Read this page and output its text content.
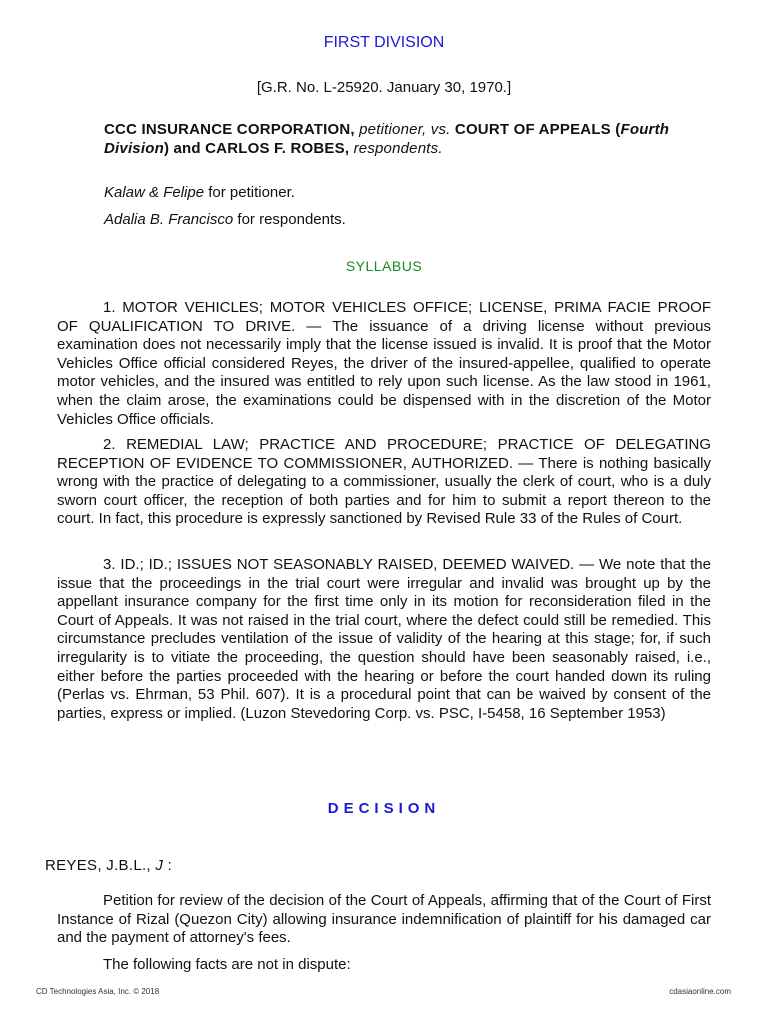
FIRST DIVISION
[G.R. No. L-25920. January 30, 1970.]
CCC INSURANCE CORPORATION, petitioner, vs. COURT OF APPEALS (Fourth Division) and CARLOS F. ROBES, respondents.
Kalaw & Felipe for petitioner.
Adalia B. Francisco for respondents.
SYLLABUS
1. MOTOR VEHICLES; MOTOR VEHICLES OFFICE; LICENSE, PRIMA FACIE PROOF OF QUALIFICATION TO DRIVE. — The issuance of a driving license without previous examination does not necessarily imply that the license issued is invalid. It is proof that the Motor Vehicles Office official considered Reyes, the driver of the insured-appellee, qualified to operate motor vehicles, and the insured was entitled to rely upon such license. As the law stood in 1961, when the claim arose, the examinations could be dispensed with in the discretion of the Motor Vehicles Office officials.
2. REMEDIAL LAW; PRACTICE AND PROCEDURE; PRACTICE OF DELEGATING RECEPTION OF EVIDENCE TO COMMISSIONER, AUTHORIZED. — There is nothing basically wrong with the practice of delegating to a commissioner, usually the clerk of court, who is a duly sworn court officer, the reception of both parties and for him to submit a report thereon to the court. In fact, this procedure is expressly sanctioned by Revised Rule 33 of the Rules of Court.
3. ID.; ID.; ISSUES NOT SEASONABLY RAISED, DEEMED WAIVED. — We note that the issue that the proceedings in the trial court were irregular and invalid was brought up by the appellant insurance company for the first time only in its motion for reconsideration filed in the Court of Appeals. It was not raised in the trial court, where the defect could still be remedied. This circumstance precludes ventilation of the issue of validity of the hearing at this stage; for, if such irregularity is to vitiate the proceeding, the question should have been seasonably raised, i.e., either before the parties proceeded with the hearing or before the court handed down its ruling (Perlas vs. Ehrman, 53 Phil. 607). It is a procedural point that can be waived by consent of the parties, express or implied. (Luzon Stevedoring Corp. vs. PSC, I-5458, 16 September 1953)
DECISION
REYES, J.B.L., J :
Petition for review of the decision of the Court of Appeals, affirming that of the Court of First Instance of Rizal (Quezon City) allowing insurance indemnification of plaintiff for his damaged car and the payment of attorney's fees.
The following facts are not in dispute:
CD Technologies Asia, Inc. © 2018	cdasiaonline.com
